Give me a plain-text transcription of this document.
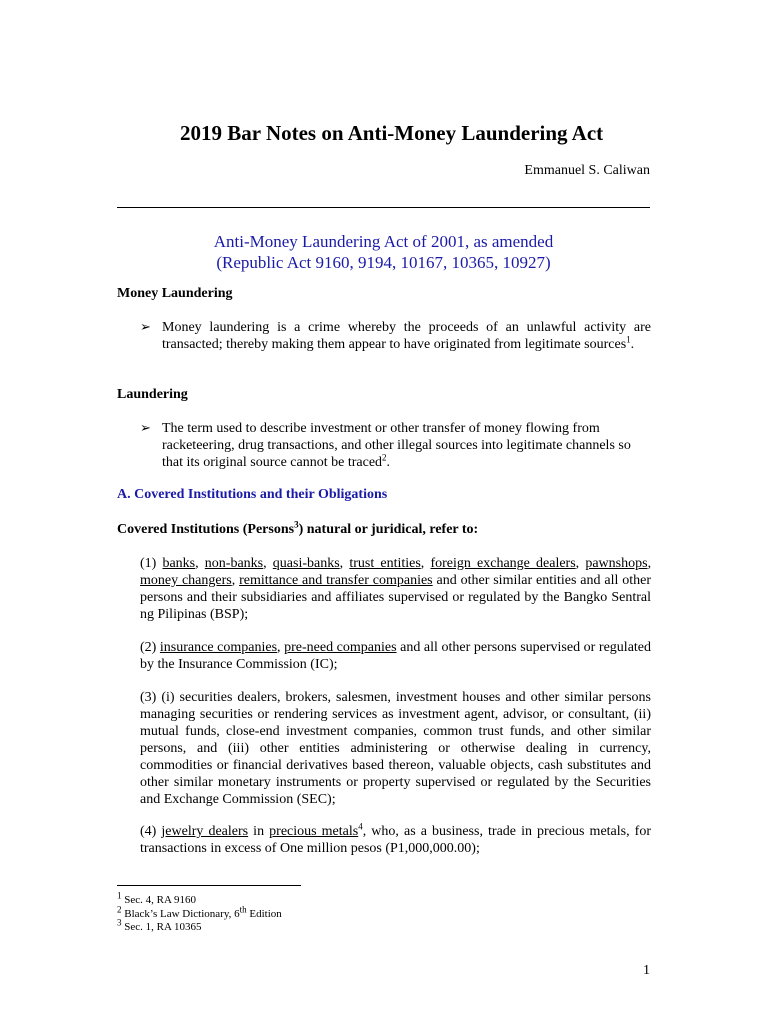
2019 Bar Notes on Anti-Money Laundering Act
Emmanuel S. Caliwan
Anti-Money Laundering Act of 2001, as amended
(Republic Act 9160, 9194, 10167, 10365, 10927)
Money Laundering
➢ Money laundering is a crime whereby the proceeds of an unlawful activity are transacted; thereby making them appear to have originated from legitimate sources$^1$.
Laundering
➢ The term used to describe investment or other transfer of money flowing from racketeering, drug transactions, and other illegal sources into legitimate channels so that its original source cannot be traced$^2$.
A. Covered Institutions and their Obligations
Covered Institutions (Persons$^3$) natural or juridical, refer to:
(1) banks, non-banks, quasi-banks, trust entities, foreign exchange dealers, pawnshops, money changers, remittance and transfer companies and other similar entities and all other persons and their subsidiaries and affiliates supervised or regulated by the Bangko Sentral ng Pilipinas (BSP);
(2) insurance companies, pre-need companies and all other persons supervised or regulated by the Insurance Commission (IC);
(3) (i) securities dealers, brokers, salesmen, investment houses and other similar persons managing securities or rendering services as investment agent, advisor, or consultant, (ii) mutual funds, close-end investment companies, common trust funds, and other similar persons, and (iii) other entities administering or otherwise dealing in currency, commodities or financial derivatives based thereon, valuable objects, cash substitutes and other similar monetary instruments or property supervised or regulated by the Securities and Exchange Commission (SEC);
(4) jewelry dealers in precious metals$^4$, who, as a business, trade in precious metals, for transactions in excess of One million pesos (P1,000,000.00);
$^1$ Sec. 4, RA 9160
$^2$ Black’s Law Dictionary, 6th Edition
$^3$ Sec. 1, RA 10365
1
